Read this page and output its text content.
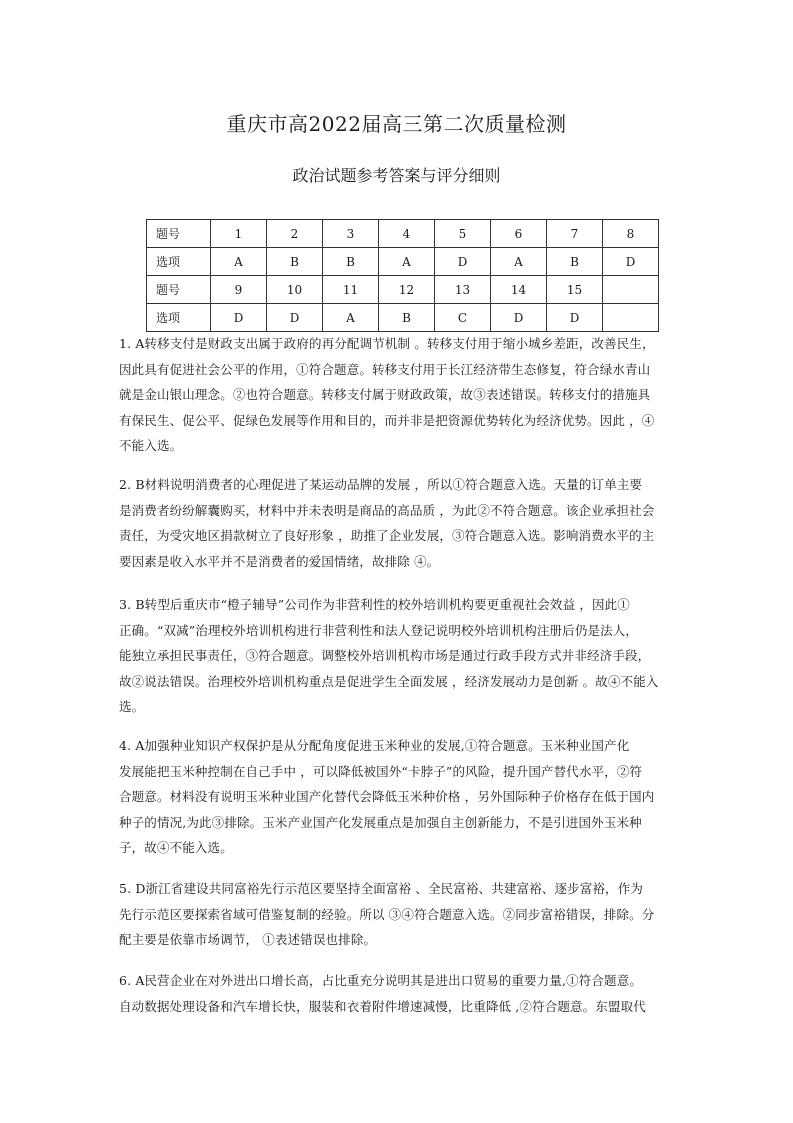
重庆市高2022届高三第二次质量检测
政治试题参考答案与评分细则
题号	1	2	3	4	5	6	7	8
选项	A	B	B	A	D	A	B	D
题号	9	10	11	12	13	14	15	
选项	D	D	A	B	C	D	D	

1. A转移支付是财政支出属于政府的再分配调节机制 。转移支付用于缩小城乡差距，改善民生，

因此具有促进社会公平的作用，①符合题意。转移支付用于长江经济带生态修复，符合绿水青山

就是金山银山理念。②也符合题意。转移支付属于财政政策，故③表述错误。转移支付的措施具

有保民生、促公平、促绿色发展等作用和目的，而并非是把资源优势转化为经济优势。因此 ，④

不能入选。

2. B材料说明消费者的心理促进了某运动品牌的发展 ，所以①符合题意入选。天量的订单主要

是消费者纷纷解囊购买，材料中并未表明是商品的高品质 ，为此②不符合题意。该企业承担社会

责任，为受灾地区捐款树立了良好形象 ，助推了企业发展，③符合题意入选。影响消费水平的主

要因素是收入水平并不是消费者的爱国情绪，故排除 ④。

3. B转型后重庆市“橙子辅导”公司作为非营利性的校外培训机构要更重视社会效益 ，因此①

正确。“双减”治理校外培训机构进行非营利性和法人登记说明校外培训机构注册后仍是法人，

能独立承担民事责任，③符合题意。调整校外培训机构市场是通过行政手段方式并非经济手段，

故②说法错误。治理校外培训机构重点是促进学生全面发展 ，经济发展动力是创新 。故④不能入

选。

4. A加强种业知识产权保护是从分配角度促进玉米种业的发展,①符合题意。玉米种业国产化

发展能把玉米种控制在自己手中 ，可以降低被国外“卡脖子”的风险，提升国产替代水平，②符

合题意。材料没有说明玉米种业国产化替代会降低玉米种价格 ，另外国际种子价格存在低于国内

种子的情况,为此③排除。玉米产业国产化发展重点是加强自主创新能力，不是引进国外玉米种

子，故④不能入选。

5. D浙江省建设共同富裕先行示范区要坚持全面富裕 、全民富裕、共建富裕、逐步富裕，作为

先行示范区要探索省域可借鉴复制的经验。所以 ③④符合题意入选。②同步富裕错误，排除。分

配主要是依靠市场调节， ①表述错误也排除。

6. A民营企业在对外进出口增长高，占比重充分说明其是进出口贸易的重要力量,①符合题意。

自动数据处理设备和汽车增长快，服装和衣着附件增速减慢，比重降低 ,②符合题意。东盟取代
